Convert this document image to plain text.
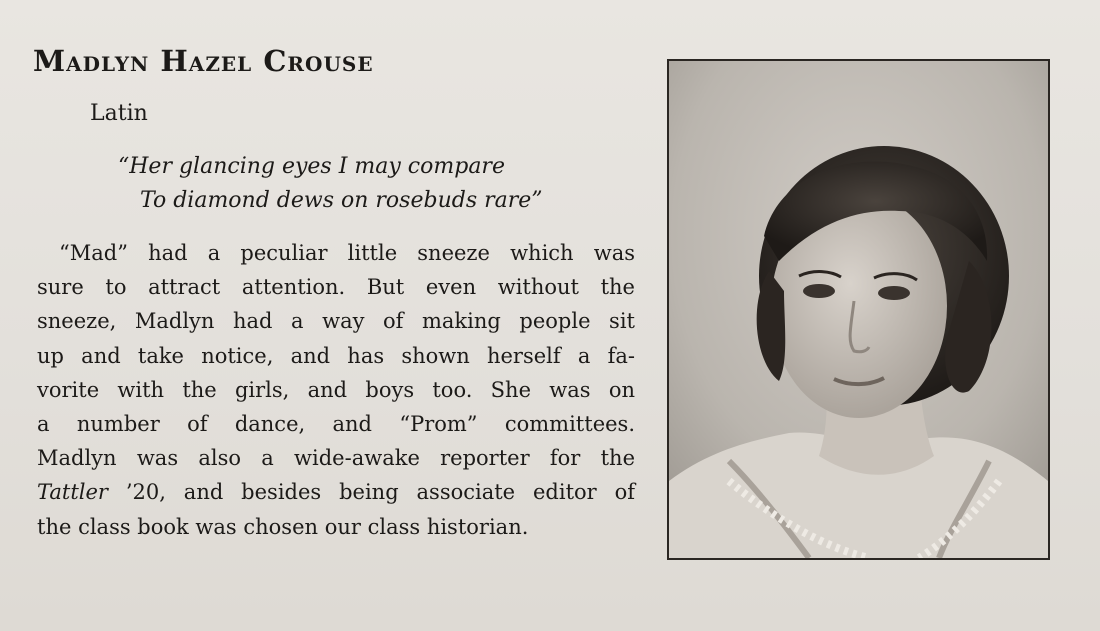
Madlyn Hazel Crouse
Latin
“Her glancing eyes I may compare
To diamond dews on rosebuds rare”
“Mad” had a peculiar little sneeze which was
sure to attract attention. But even without the
sneeze, Madlyn had a way of making people sit
up and take notice, and has shown herself a fa-
vorite with the girls, and boys too. She was on
a number of dance, and “Prom” committees.
Madlyn was also a wide-awake reporter for the
Tattler ’20, and besides being associate editor of
the class book was chosen our class historian.
